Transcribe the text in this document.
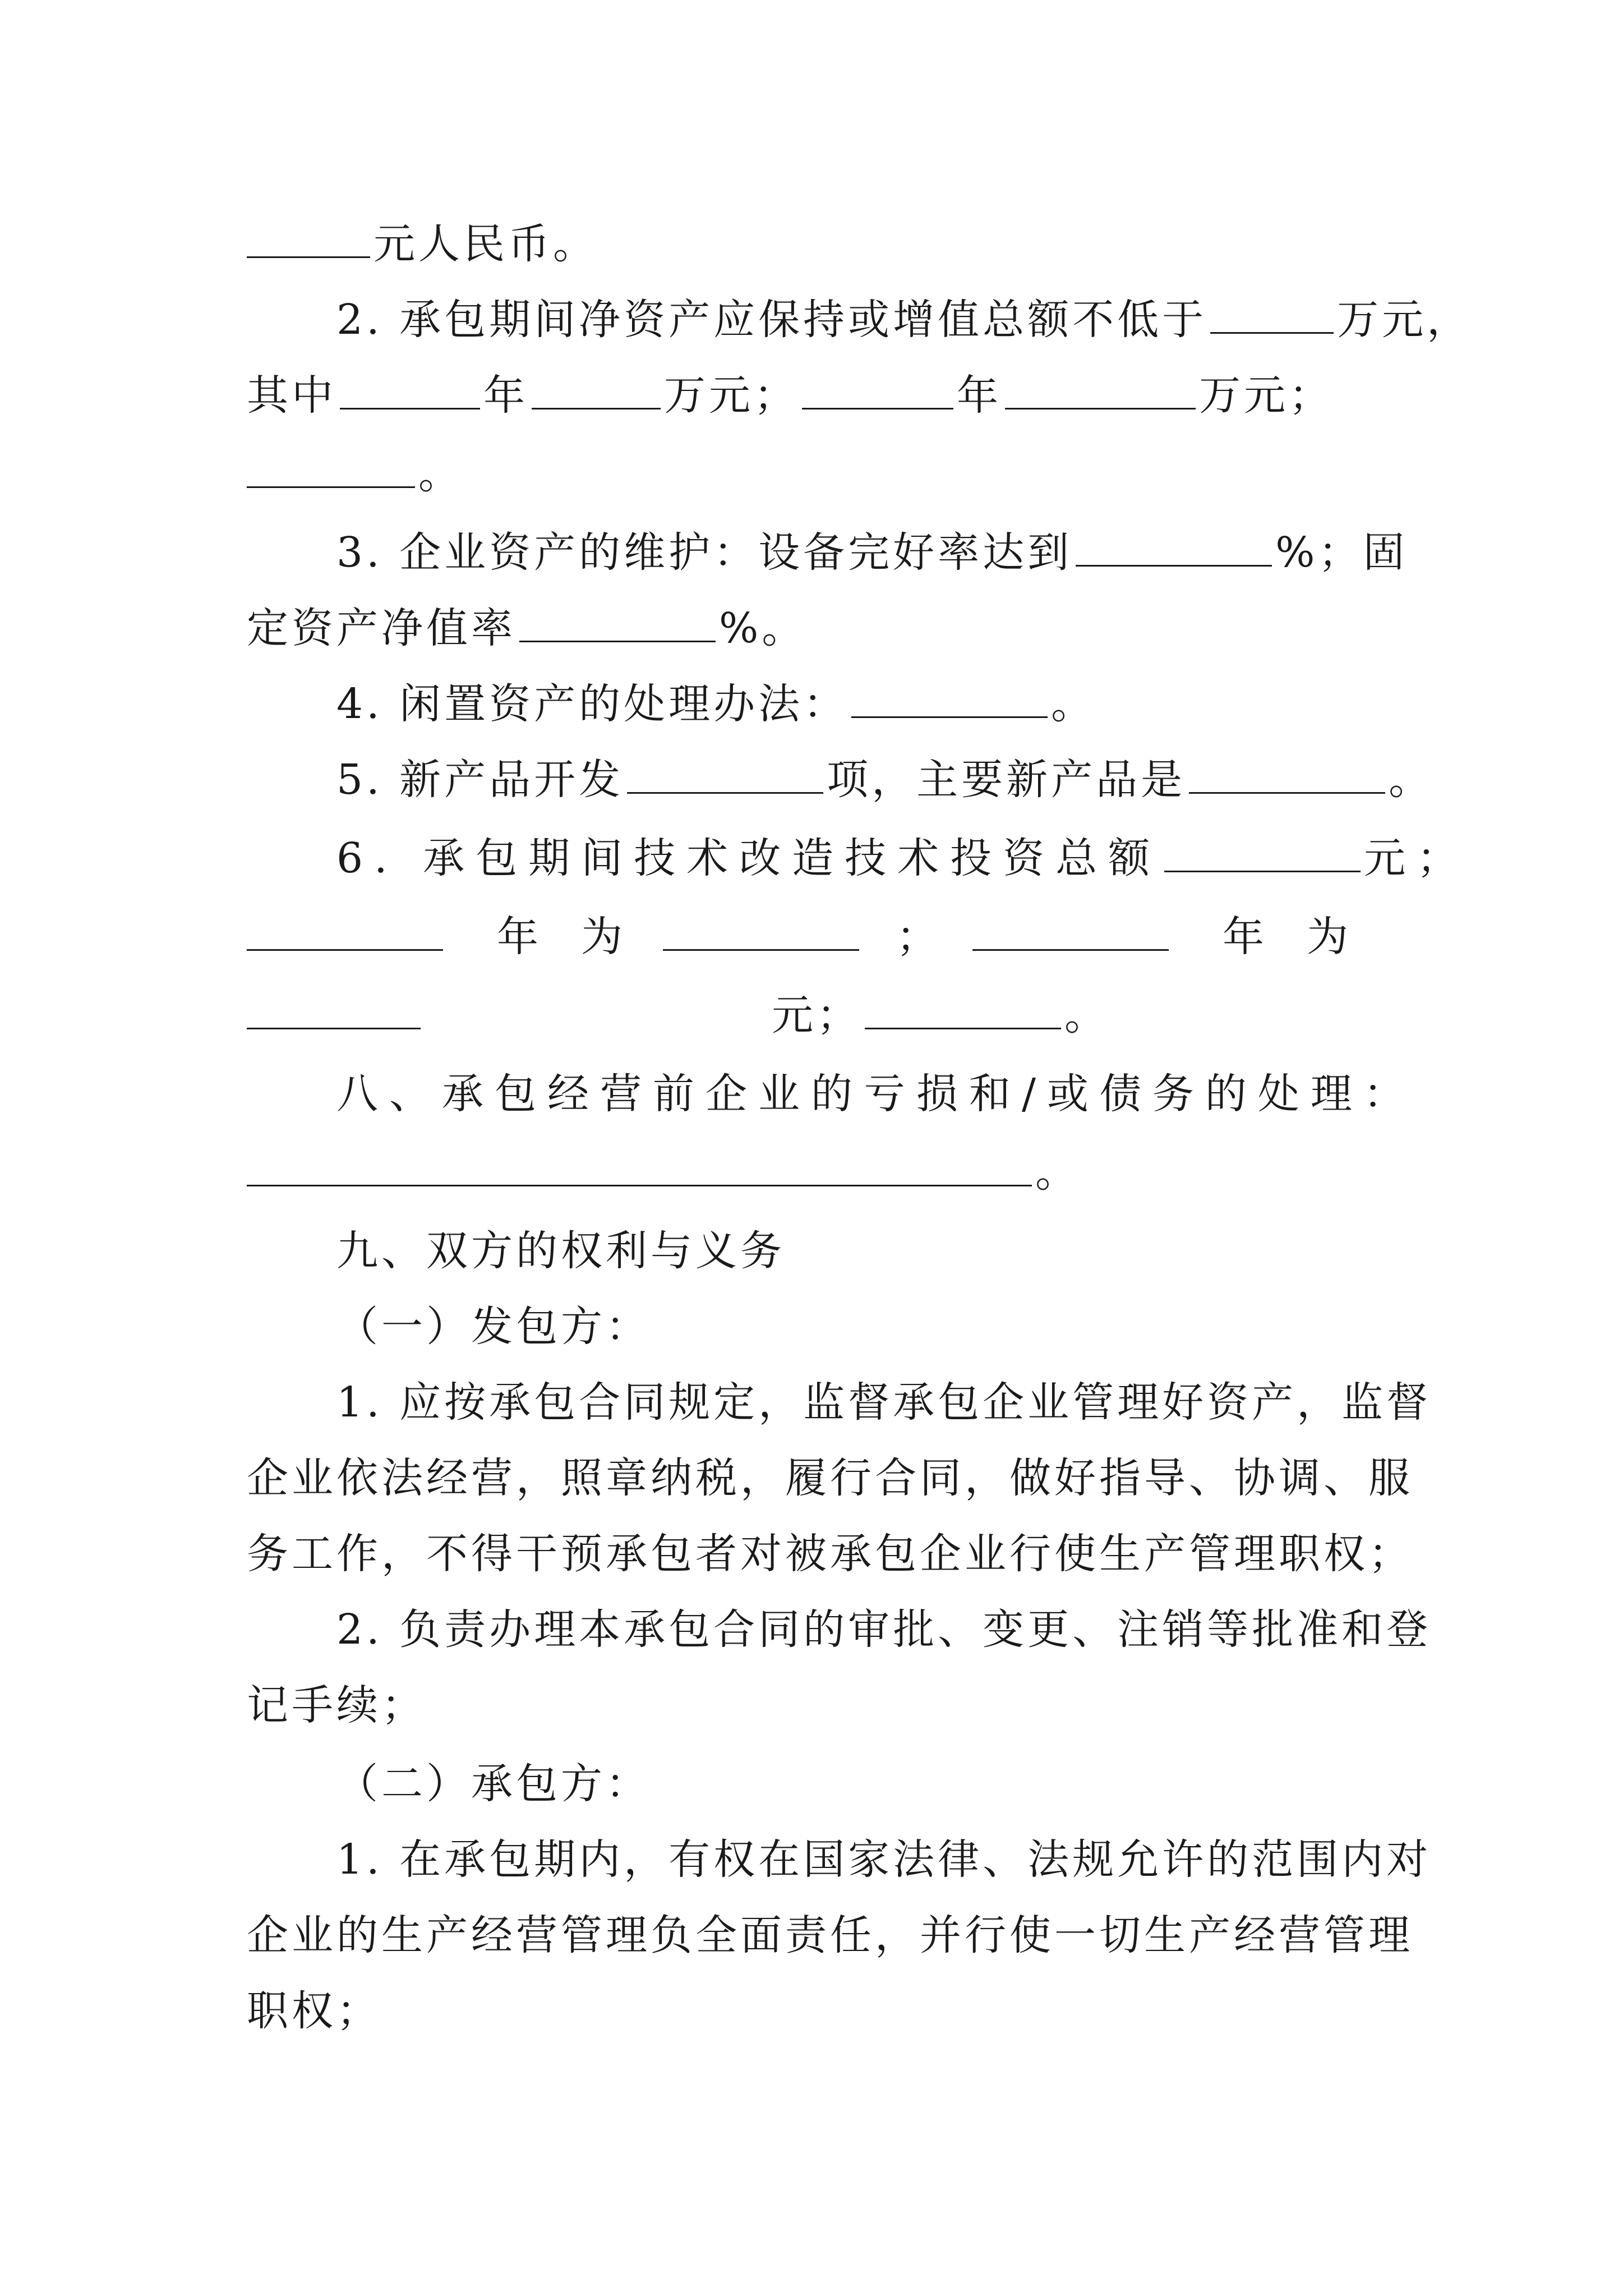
元人民币。
2. 承包期间净资产应保持或增值总额不低于	万元，
其中	年	万元；	年	万元；
。
3. 企业资产的维护：设备完好率达到	%；固
定资产净值率	%。
4. 闲置资产的处理办法：	。
5. 新产品开发	项，主要新产品是	。
6. 承包期间技术改造技术投资总额	元；
年 为	；	年 为
元；	。
八、承包经营前企业的亏损和/或债务的处理：
。
九、双方的权利与义务
（一）发包方：
1. 应按承包合同规定，监督承包企业管理好资产，监督
企业依法经营，照章纳税，履行合同，做好指导、协调、服
务工作，不得干预承包者对被承包企业行使生产管理职权；
2. 负责办理本承包合同的审批、变更、注销等批准和登
记手续；
（二）承包方：
1. 在承包期内，有权在国家法律、法规允许的范围内对
企业的生产经营管理负全面责任，并行使一切生产经营管理
职权；
